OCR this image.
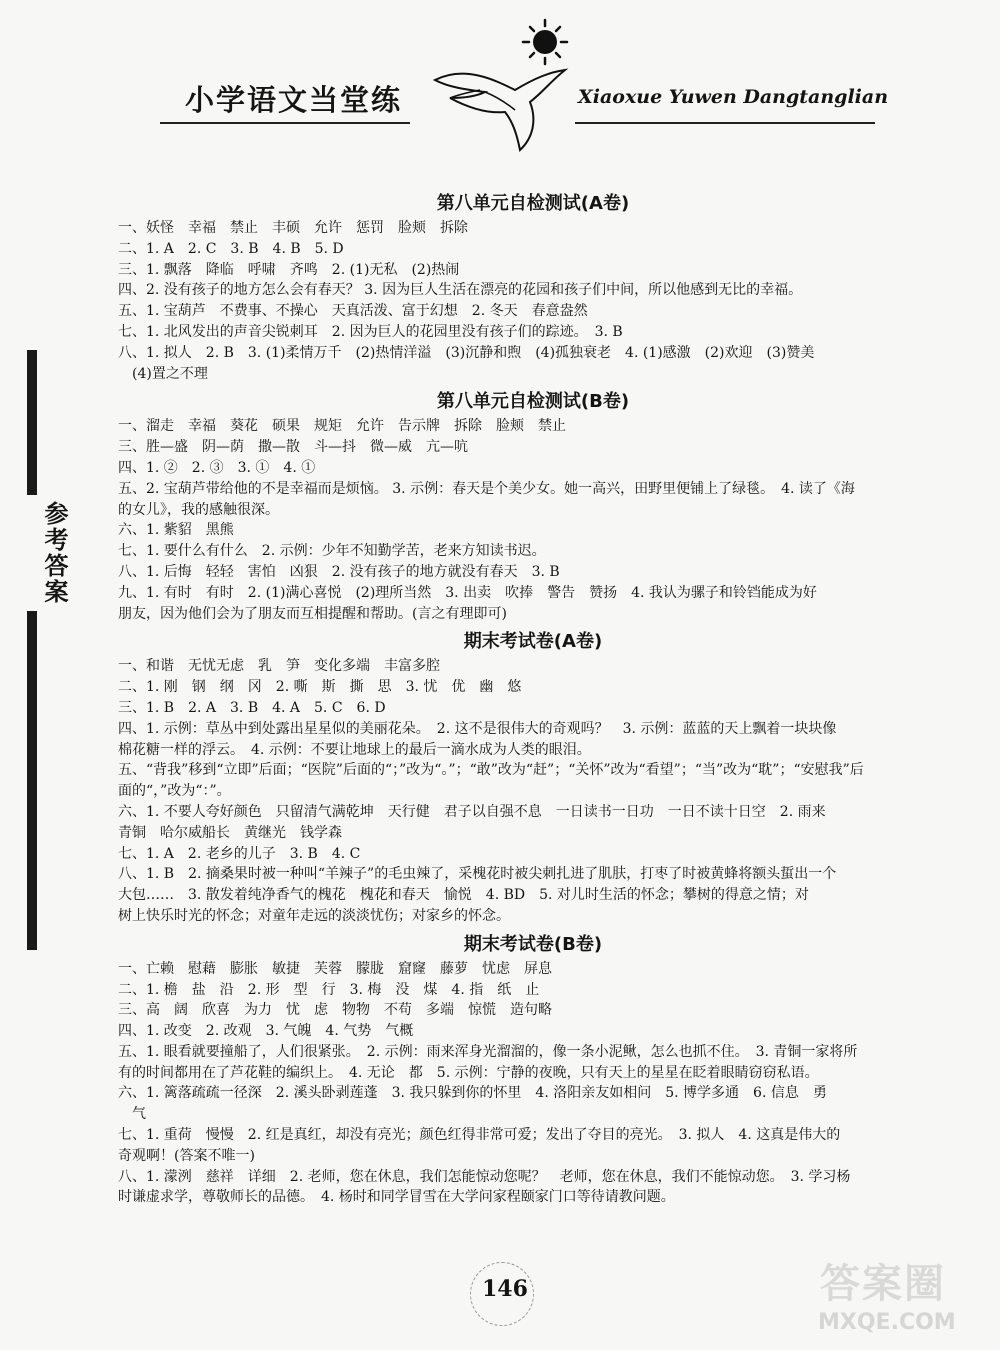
小学语文当堂练	Xiaoxue Yuwen Dangtanglian
参考答案
第八单元自检测试(A卷)
一、妖怪　幸福　禁止　丰硕　允许　惩罚　脸颊　拆除
二、1. A　2. C　3. B　4. B　5. D
三、1. 飘落　降临　呼啸　齐鸣　2. (1)无私　(2)热闹
四、2. 没有孩子的地方怎么会有春天？ 3. 因为巨人生活在漂亮的花园和孩子们中间，所以他感到无比的幸福。
五、1. 宝葫芦　不费事、不操心　天真活泼、富于幻想　2. 冬天　春意盎然
七、1. 北风发出的声音尖锐刺耳　2. 因为巨人的花园里没有孩子们的踪迹。　3. B
八、1. 拟人　2. B　3. (1)柔情万千　(2)热情洋溢　(3)沉静和煦　(4)孤独衰老　4. (1)感激　(2)欢迎　(3)赞美
　(4)置之不理
第八单元自检测试(B卷)
一、溜走　幸福　葵花　硕果　规矩　允许　告示牌　拆除　脸颊　禁止
三、胜—盛　阴—荫　撒—散　斗—抖　微—威　亢—吭
四、1. ②　2. ③　3. ①　4. ①
五、2. 宝葫芦带给他的不是幸福而是烦恼。 3. 示例：春天是个美少女。她一高兴，田野里便铺上了绿毯。　4. 读了《海
的女儿》，我的感触很深。
六、1. 紫貂　黑熊
七、1. 要什么有什么　2. 示例：少年不知勤学苦，老来方知读书迟。
八、1. 后悔　轻轻　害怕　凶狠　2. 没有孩子的地方就没有春天　3. B
九、1. 有时　有时　2. (1)满心喜悦　(2)理所当然　3. 出卖　吹捧　警告　赞扬　4. 我认为骡子和铃铛能成为好
朋友，因为他们会为了朋友而互相提醒和帮助。(言之有理即可)
期末考试卷(A卷)
一、和谐　无忧无虑　乳　笋　变化多端　丰富多腔
二、1. 刚　钢　纲　冈　2. 嘶　斯　撕　思　3. 忧　优　幽　悠
三、1. B　2. A　3. B　4. A　5. C　6. D
四、1. 示例：草丛中到处露出星星似的美丽花朵。　2. 这不是很伟大的奇观吗？　3. 示例：蓝蓝的天上飘着一块块像
棉花糖一样的浮云。　4. 示例：不要让地球上的最后一滴水成为人类的眼泪。
五、“背我”移到“立即”后面；“医院”后面的“；”改为“。”；“敢”改为“赶”；“关怀”改为“看望”；“当”改为“耽”；“安慰我”后
面的“，”改为“：”。
六、1. 不要人夸好颜色　只留清气满乾坤　天行健　君子以自强不息　一日读书一日功　一日不读十日空　2. 雨来
青铜　哈尔威船长　黄继光　钱学森
七、1. A　2. 老乡的儿子　3. B　4. C
八、1. B　2. 摘桑果时被一种叫“羊辣子”的毛虫辣了，采槐花时被尖刺扎进了肌肤，打枣了时被黄蜂将额头蜇出一个
大包……　3. 散发着纯净香气的槐花　槐花和春天　愉悦　4. BD　5. 对儿时生活的怀念；攀树的得意之情；对
树上快乐时光的怀念；对童年走远的淡淡忧伤；对家乡的怀念。
期末考试卷(B卷)
一、亡赖　慰藉　膨胀　敏捷　芙蓉　朦胧　窟窿　藤萝　忧虑　屏息
二、1. 檐　盐　沿　2. 形　型　行　3. 梅　没　煤　4. 指　纸　止
三、高　阔　欣喜　为力　忧　虑　物物　不苟　多端　惊慌　造句略
四、1. 改变　2. 改观　3. 气魄　4. 气势　气概
五、1. 眼看就要撞船了，人们很紧张。　2. 示例：雨来浑身光溜溜的，像一条小泥鳅，怎么也抓不住。　3. 青铜一家将所
有的时间都用在了芦花鞋的编织上。　4. 无论　都　5. 示例：宁静的夜晚，只有天上的星星在眨着眼睛窃窃私语。
六、1. 篱落疏疏一径深　2. 溪头卧剥莲蓬　3. 我只躲到你的怀里　4. 洛阳亲友如相问　5. 博学多通　6. 信息　勇
　气
七、1. 重荷　慢慢　2. 红是真红，却没有亮光；颜色红得非常可爱；发出了夺目的亮光。　3. 拟人　4. 这真是伟大的
奇观啊！(答案不唯一)
八、1. 濛洌　慈祥　详细　2. 老师，您在休息，我们怎能惊动您呢？　老师，您在休息，我们不能惊动您。　3. 学习杨
时谦虚求学，尊敬师长的品德。　4. 杨时和同学冒雪在大学问家程颐家门口等待请教问题。
146	答案圈
MXQE.COM
